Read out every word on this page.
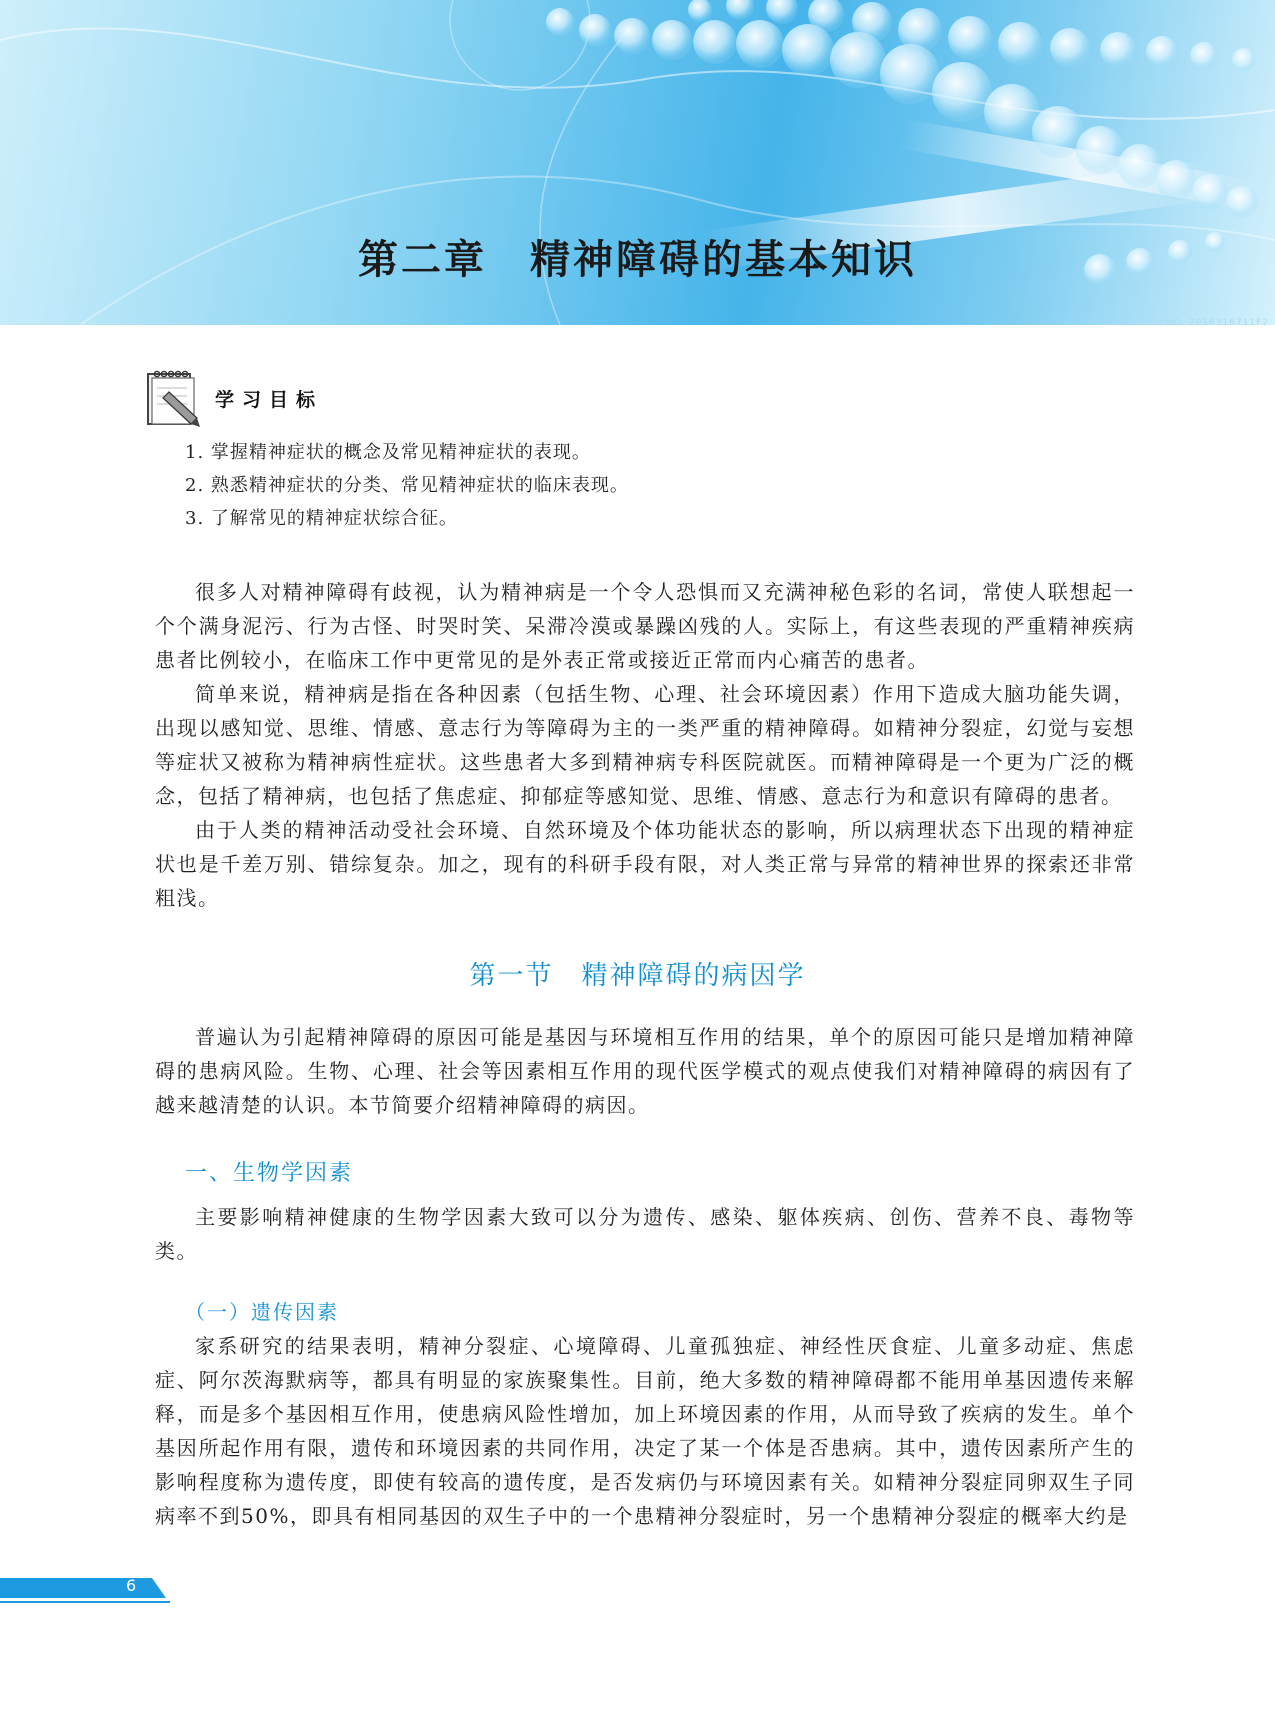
第二章　精神障碍的基本知识
NO. 2016316711F2
学习目标
1. 掌握精神症状的概念及常见精神症状的表现。
2. 熟悉精神症状的分类、常见精神症状的临床表现。
3. 了解常见的精神症状综合征。

很多人对精神障碍有歧视，认为精神病是一个令人恐惧而又充满神秘色彩的名词，常使人联想起一个个满身泥污、行为古怪、时哭时笑、呆滞冷漠或暴躁凶残的人。实际上，有这些表现的严重精神疾病患者比例较小，在临床工作中更常见的是外表正常或接近正常而内心痛苦的患者。

简单来说，精神病是指在各种因素（包括生物、心理、社会环境因素）作用下造成大脑功能失调，出现以感知觉、思维、情感、意志行为等障碍为主的一类严重的精神障碍。如精神分裂症，幻觉与妄想等症状又被称为精神病性症状。这些患者大多到精神病专科医院就医。而精神障碍是一个更为广泛的概念，包括了精神病，也包括了焦虑症、抑郁症等感知觉、思维、情感、意志行为和意识有障碍的患者。

由于人类的精神活动受社会环境、自然环境及个体功能状态的影响，所以病理状态下出现的精神症状也是千差万别、错综复杂。加之，现有的科研手段有限，对人类正常与异常的精神世界的探索还非常粗浅。

第一节　精神障碍的病因学

普遍认为引起精神障碍的原因可能是基因与环境相互作用的结果，单个的原因可能只是增加精神障碍的患病风险。生物、心理、社会等因素相互作用的现代医学模式的观点使我们对精神障碍的病因有了越来越清楚的认识。本节简要介绍精神障碍的病因。

一、生物学因素

主要影响精神健康的生物学因素大致可以分为遗传、感染、躯体疾病、创伤、营养不良、毒物等类。

（一）遗传因素

家系研究的结果表明，精神分裂症、心境障碍、儿童孤独症、神经性厌食症、儿童多动症、焦虑症、阿尔茨海默病等，都具有明显的家族聚集性。目前，绝大多数的精神障碍都不能用单基因遗传来解释，而是多个基因相互作用，使患病风险性增加，加上环境因素的作用，从而导致了疾病的发生。单个基因所起作用有限，遗传和环境因素的共同作用，决定了某一个体是否患病。其中，遗传因素所产生的影响程度称为遗传度，即使有较高的遗传度，是否发病仍与环境因素有关。如精神分裂症同卵双生子同病率不到50%，即具有相同基因的双生子中的一个患精神分裂症时，另一个患精神分裂症的概率大约是

6
